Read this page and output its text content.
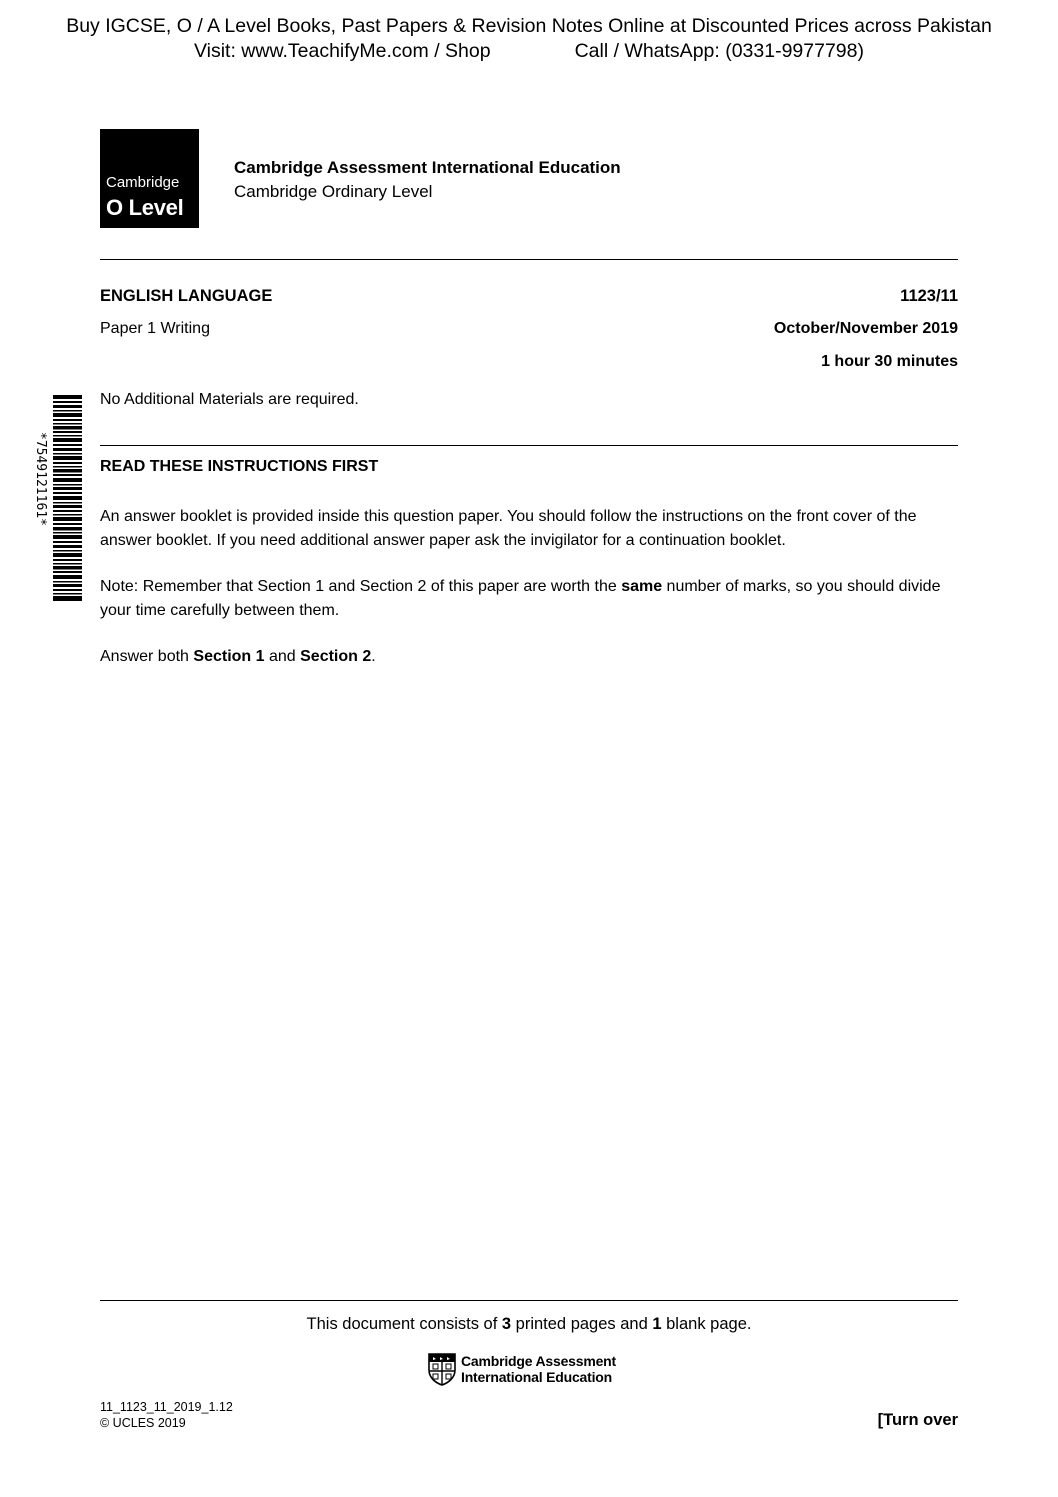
Buy IGCSE, O / A Level Books, Past Papers & Revision Notes Online at Discounted Prices across Pakistan
Visit: www.TeachifyMe.com / Shop	Call / WhatsApp: (0331-9977798)
Cambridge
O Level
Cambridge Assessment International Education
Cambridge Ordinary Level
ENGLISH LANGUAGE	1123/11
Paper 1 Writing	October/November 2019
1 hour 30 minutes
No Additional Materials are required.
*7549121161*	READ THESE INSTRUCTIONS FIRST
An answer booklet is provided inside this question paper. You should follow the instructions on the front cover of the answer booklet. If you need additional answer paper ask the invigilator for a continuation booklet.
Note: Remember that Section 1 and Section 2 of this paper are worth the same number of marks, so you should divide your time carefully between them.
Answer both Section 1 and Section 2.
This document consists of 3 printed pages and 1 blank page.
Cambridge Assessment
International Education
11_1123_11_2019_1.12
© UCLES 2019	[Turn over
